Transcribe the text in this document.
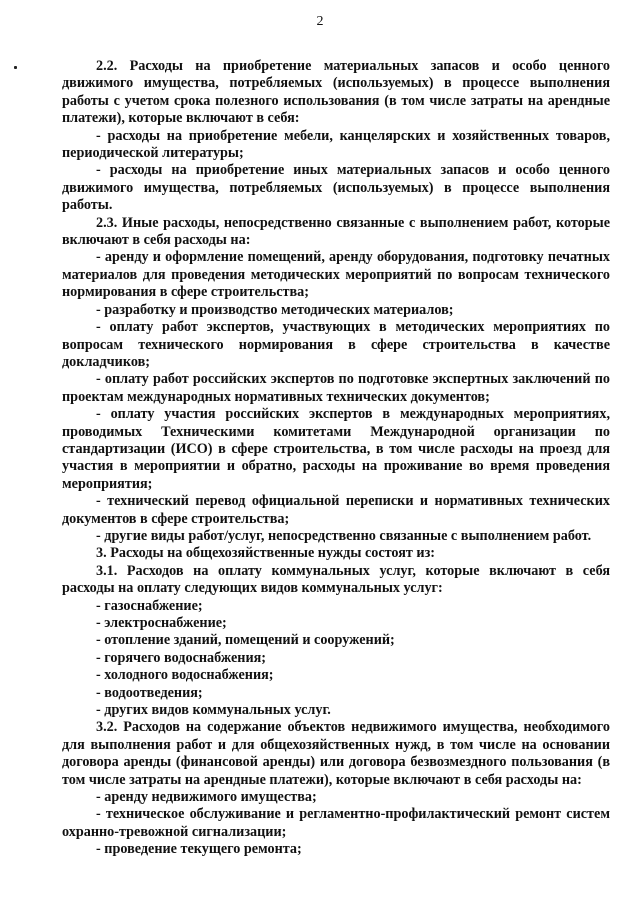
2

2.2. Расходы на приобретение материальных запасов и особо ценного движимого имущества, потребляемых (используемых) в процессе выполнения работы с учетом срока полезного использования (в том числе затраты на арендные платежи), которые включают в себя:

- расходы на приобретение мебели, канцелярских и хозяйственных товаров, периодической литературы;

- расходы на приобретение иных материальных запасов и особо ценного движимого имущества, потребляемых (используемых) в процессе выполнения работы.

2.3. Иные расходы, непосредственно связанные с выполнением работ, которые включают в себя расходы на:

- аренду и оформление помещений, аренду оборудования, подготовку печатных материалов для проведения методических мероприятий по вопросам технического нормирования в сфере строительства;

- разработку и производство методических материалов;

- оплату работ экспертов, участвующих в методических мероприятиях по вопросам технического нормирования в сфере строительства в качестве докладчиков;

- оплату работ российских экспертов по подготовке экспертных заключений по проектам международных нормативных технических документов;

- оплату участия российских экспертов в международных мероприятиях, проводимых Техническими комитетами Международной организации по стандартизации (ИСО) в сфере строительства, в том числе расходы на проезд для участия в мероприятии и обратно, расходы на проживание во время проведения мероприятия;

- технический перевод официальной переписки и нормативных технических документов в сфере строительства;

- другие виды работ/услуг, непосредственно связанные с выполнением работ.

3. Расходы на общехозяйственные нужды состоят из:

3.1. Расходов на оплату коммунальных услуг, которые включают в себя расходы на оплату следующих видов коммунальных услуг:

- газоснабжение;

- электроснабжение;

- отопление зданий, помещений и сооружений;

- горячего водоснабжения;

- холодного водоснабжения;

- водоотведения;

- других видов коммунальных услуг.

3.2. Расходов на содержание объектов недвижимого имущества, необходимого для выполнения работ и для общехозяйственных нужд, в том числе на основании договора аренды (финансовой аренды) или договора безвозмездного пользования (в том числе затраты на арендные платежи), которые включают в себя расходы на:

- аренду недвижимого имущества;

- техническое обслуживание и регламентно-профилактический ремонт систем охранно-тревожной сигнализации;

- проведение текущего ремонта;
